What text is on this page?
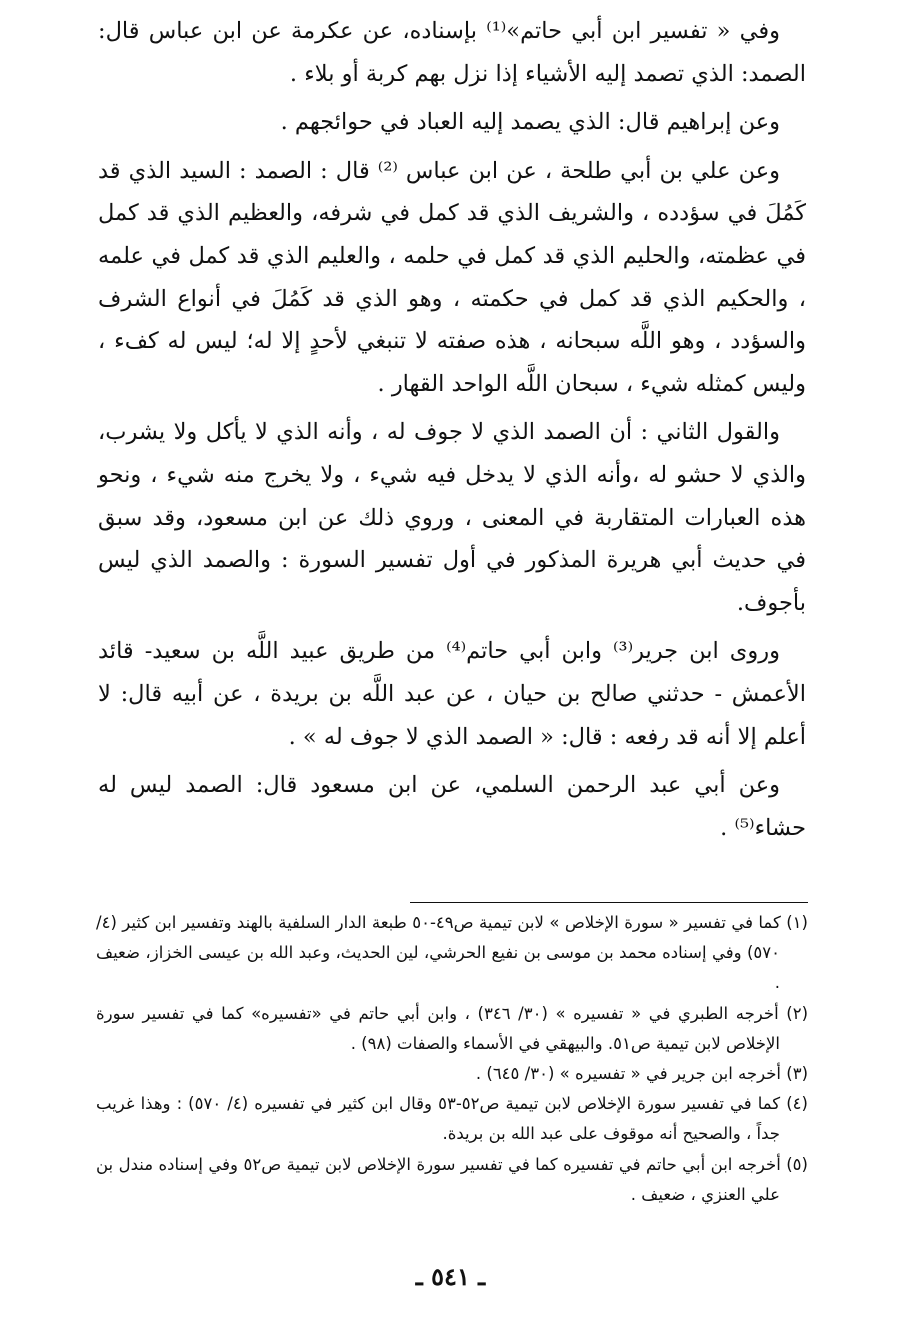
وفي « تفسير ابن أبي حاتم»⁽¹⁾ بإسناده، عن عكرمة عن ابن عباس قال: الصمد: الذي تصمد إليه الأشياء إذا نزل بهم كربة أو بلاء .

وعن إبراهيم قال: الذي يصمد إليه العباد في حوائجهم .

وعن علي بن أبي طلحة ، عن ابن عباس ⁽²⁾ قال : الصمد : السيد الذي قد كَمُلَ في سؤدده ، والشريف الذي قد كمل في شرفه، والعظيم الذي قد كمل في عظمته، والحليم الذي قد كمل في حلمه ، والعليم الذي قد كمل في علمه ، والحكيم الذي قد كمل في حكمته ، وهو الذي قد كَمُلَ في أنواع الشرف والسؤدد ، وهو اللَّه سبحانه ، هذه صفته لا تنبغي لأحدٍ إلا له؛ ليس له كفء ، وليس كمثله شيء ، سبحان اللَّه الواحد القهار .

والقول الثاني : أن الصمد الذي لا جوف له ، وأنه الذي لا يأكل ولا يشرب، والذي لا حشو له ،وأنه الذي لا يدخل فيه شيء ، ولا يخرج منه شيء ، ونحو هذه العبارات المتقاربة في المعنى ، وروي ذلك عن ابن مسعود، وقد سبق في حديث أبي هريرة المذكور في أول تفسير السورة : والصمد الذي ليس بأجوف.

وروى ابن جرير⁽³⁾ وابن أبي حاتم⁽⁴⁾ من طريق عبيد اللَّه بن سعيد- قائد الأعمش - حدثني صالح بن حيان ، عن عبد اللَّه بن بريدة ، عن أبيه قال: لا أعلم إلا أنه قد رفعه : قال: « الصمد الذي لا جوف له » .

وعن أبي عبد الرحمن السلمي، عن ابن مسعود قال: الصمد ليس له حشاء⁽⁵⁾ .

(١) كما في تفسير « سورة الإخلاص » لابن تيمية ص٤٩-٥٠ طبعة الدار السلفية بالهند وتفسير ابن كثير (٤/ ٥٧٠) وفي إسناده محمد بن موسى بن نفيع الحرشي، لين الحديث، وعبد الله بن عيسى الخزاز، ضعيف .

(٢) أخرجه الطبري في « تفسيره » (٣٠/ ٣٤٦) ، وابن أبي حاتم في «تفسيره» كما في تفسير سورة الإخلاص لابن تيمية ص٥١. والبيهقي في الأسماء والصفات (٩٨) .

(٣) أخرجه ابن جرير في « تفسيره » (٣٠/ ٦٤٥) .

(٤) كما في تفسير سورة الإخلاص لابن تيمية ص٥٢-٥٣ وقال ابن كثير في تفسيره (٤/ ٥٧٠) : وهذا غريب جداً ، والصحيح أنه موقوف على عبد الله بن بريدة.

(٥) أخرجه ابن أبي حاتم في تفسيره كما في تفسير سورة الإخلاص لابن تيمية ص٥٢ وفي إسناده مندل بن علي العنزي ، ضعيف .

ـ ٥٤١ ـ
